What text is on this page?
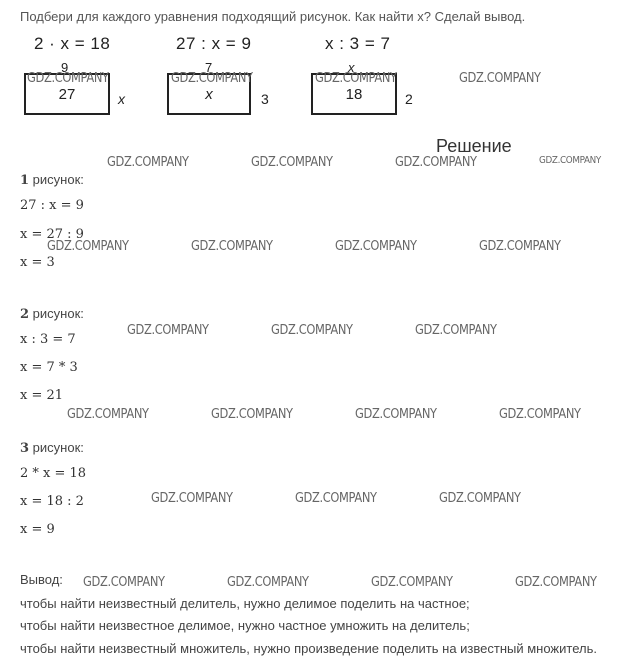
Подбери для каждого уравнения подходящий рисунок. Как найти x? Сделай вывод.
2 · x = 18	27 : x = 9	x : 3 = 7
9
27	x
7
x	3
x
18	2
Решение
GDZ.COMPANY	GDZ.COMPANY	GDZ.COMPANY	GDZ.COMPANY
GDZ.COMPANY	GDZ.COMPANY	GDZ.COMPANY	GDZ.COMPANY
GDZ.COMPANY	GDZ.COMPANY	GDZ.COMPANY	GDZ.COMPANY
GDZ.COMPANY	GDZ.COMPANY	GDZ.COMPANY
GDZ.COMPANY	GDZ.COMPANY	GDZ.COMPANY	GDZ.COMPANY
GDZ.COMPANY	GDZ.COMPANY	GDZ.COMPANY
GDZ.COMPANY	GDZ.COMPANY	GDZ.COMPANY	GDZ.COMPANY
1 рисунок:
27 : x = 9
x = 27 : 9
x = 3
2 рисунок:
x : 3 = 7
x = 7 * 3
x = 21
3 рисунок:
2 * x = 18
x = 18 : 2
x = 9
Вывод:
чтобы найти неизвестный делитель, нужно делимое поделить на частное;
чтобы найти неизвестное делимое, нужно частное умножить на делитель;
чтобы найти неизвестный множитель, нужно произведение поделить на известный множитель.
